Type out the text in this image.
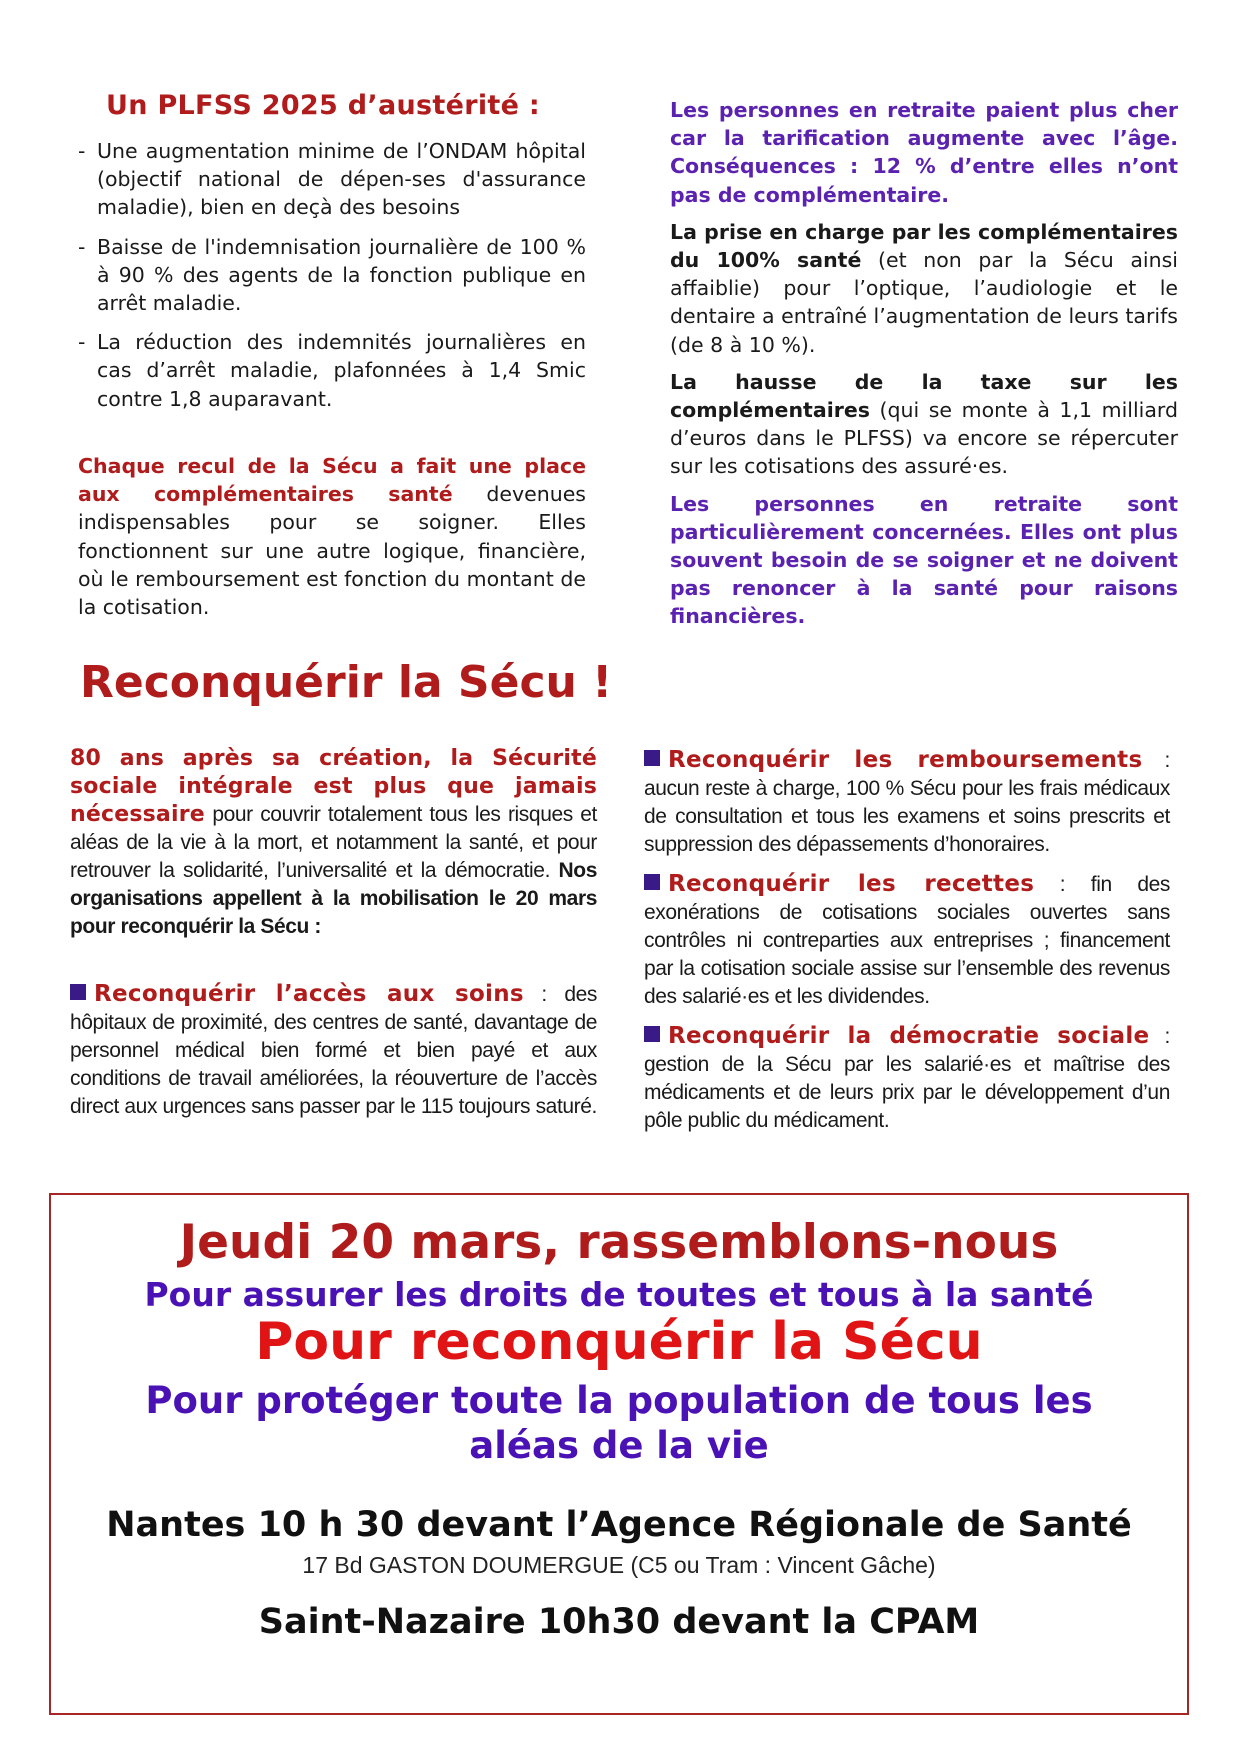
Un PLFSS 2025 d’austérité :
- Une augmentation minime de l’ONDAM hôpital (objectif national de dépen-ses d'assurance maladie), bien en deçà des besoins
- Baisse de l'indemnisation journalière de 100 % à 90 % des agents de la fonction publique en arrêt maladie.
- La réduction des indemnités journalières en cas d’arrêt maladie, plafonnées à 1,4 Smic contre 1,8 auparavant.

Chaque recul de la Sécu a fait une place aux complémentaires santé devenues indispensables pour se soigner. Elles fonctionnent sur une autre logique, financière, où le remboursement est fonction du montant de la cotisation.

Les personnes en retraite paient plus cher car la tarification augmente avec l’âge. Conséquences : 12 % d’entre elles n’ont pas de complémentaire.

La prise en charge par les complémentaires du 100% santé (et non par la Sécu ainsi affaiblie) pour l’optique, l’audiologie et le dentaire a entraîné l’augmentation de leurs tarifs (de 8 à 10 %).

La hausse de la taxe sur les complémentaires (qui se monte à 1,1 milliard d’euros dans le PLFSS) va encore se répercuter sur les cotisations des assuré·es.

Les personnes en retraite sont particulièrement concernées. Elles ont plus souvent besoin de se soigner et ne doivent pas renoncer à la santé pour raisons financières.

Reconquérir la Sécu !

80 ans après sa création, la Sécurité sociale intégrale est plus que jamais nécessaire pour couvrir totalement tous les risques et aléas de la vie à la mort, et notamment la santé, et pour retrouver la solidarité, l’universalité et la démocratie. Nos organisations appellent à la mobilisation le 20 mars pour reconquérir la Sécu :

Reconquérir l’accès aux soins : des hôpitaux de proximité, des centres de santé, davantage de personnel médical bien formé et bien payé et aux conditions de travail améliorées, la réouverture de l’accès direct aux urgences sans passer par le 115 toujours saturé.

Reconquérir les remboursements : aucun reste à charge, 100 % Sécu pour les frais médicaux de consultation et tous les examens et soins prescrits et suppression des dépassements d’honoraires.

Reconquérir les recettes : fin des exonérations de cotisations sociales ouvertes sans contrôles ni contreparties aux entreprises ; financement par la cotisation sociale assise sur l’ensemble des revenus des salarié·es et les dividendes.

Reconquérir la démocratie sociale : gestion de la Sécu par les salarié·es et maîtrise des médicaments et de leurs prix par le développement d’un pôle public du médicament.

Jeudi 20 mars, rassemblons-nous
Pour assurer les droits de toutes et tous à la santé
Pour reconquérir la Sécu
Pour protéger toute la population de tous les
aléas de la vie
Nantes 10 h 30 devant l’Agence Régionale de Santé
17 Bd GASTON DOUMERGUE (C5 ou Tram : Vincent Gâche)
Saint-Nazaire 10h30 devant la CPAM
